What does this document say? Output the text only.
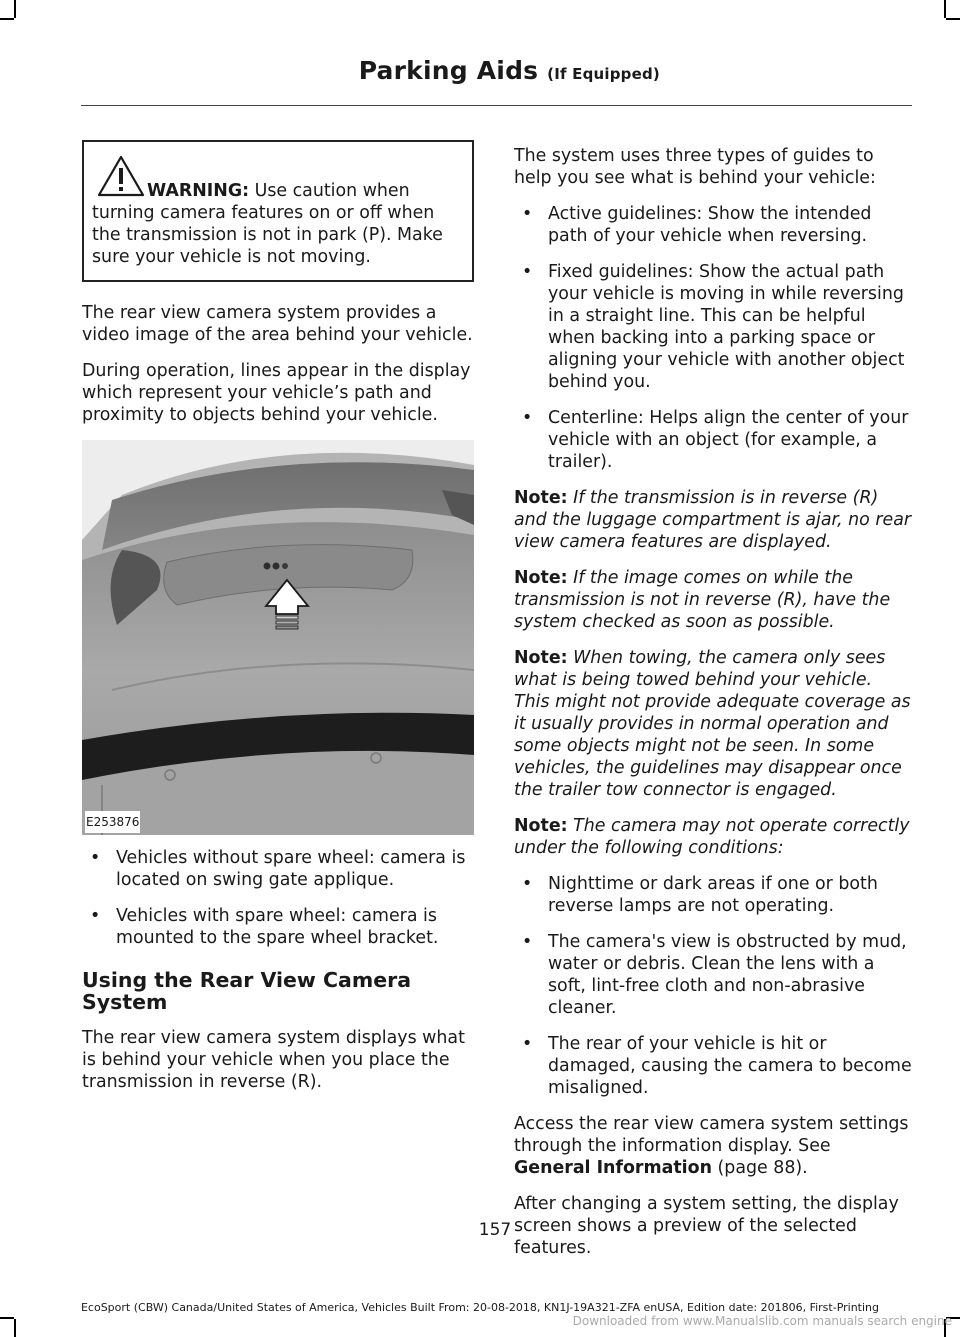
Parking Aids (If Equipped)

WARNING: Use caution when turning camera features on or off when the transmission is not in park (P). Make sure your vehicle is not moving.

The rear view camera system provides a video image of the area behind your vehicle.

During operation, lines appear in the display which represent your vehicle’s path and proximity to objects behind your vehicle.

E253876
• Vehicles without spare wheel: camera is located on swing gate applique.
• Vehicles with spare wheel: camera is mounted to the spare wheel bracket.
Using the Rear View Camera System

The rear view camera system displays what is behind your vehicle when you place the transmission in reverse (R).

The system uses three types of guides to help you see what is behind your vehicle:

• Active guidelines: Show the intended path of your vehicle when reversing.
• Fixed guidelines: Show the actual path your vehicle is moving in while reversing in a straight line. This can be helpful when backing into a parking space or aligning your vehicle with another object behind you.
• Centerline: Helps align the center of your vehicle with an object (for example, a trailer).

Note: If the transmission is in reverse (R) and the luggage compartment is ajar, no rear view camera features are displayed.

Note: If the image comes on while the transmission is not in reverse (R), have the system checked as soon as possible.

Note: When towing, the camera only sees what is being towed behind your vehicle. This might not provide adequate coverage as it usually provides in normal operation and some objects might not be seen. In some vehicles, the guidelines may disappear once the trailer tow connector is engaged.

Note: The camera may not operate correctly under the following conditions:

• Nighttime or dark areas if one or both reverse lamps are not operating.
• The camera's view is obstructed by mud, water or debris. Clean the lens with a soft, lint-free cloth and non-abrasive cleaner.
• The rear of your vehicle is hit or damaged, causing the camera to become misaligned.

Access the rear view camera system settings through the information display. See General Information (page 88).

After changing a system setting, the display screen shows a preview of the selected features.

157
EcoSport (CBW) Canada/United States of America, Vehicles Built From: 20-08-2018, KN1J-19A321-ZFA enUSA, Edition date: 201806, First-Printing
Downloaded from www.Manualslib.com manuals search engine
